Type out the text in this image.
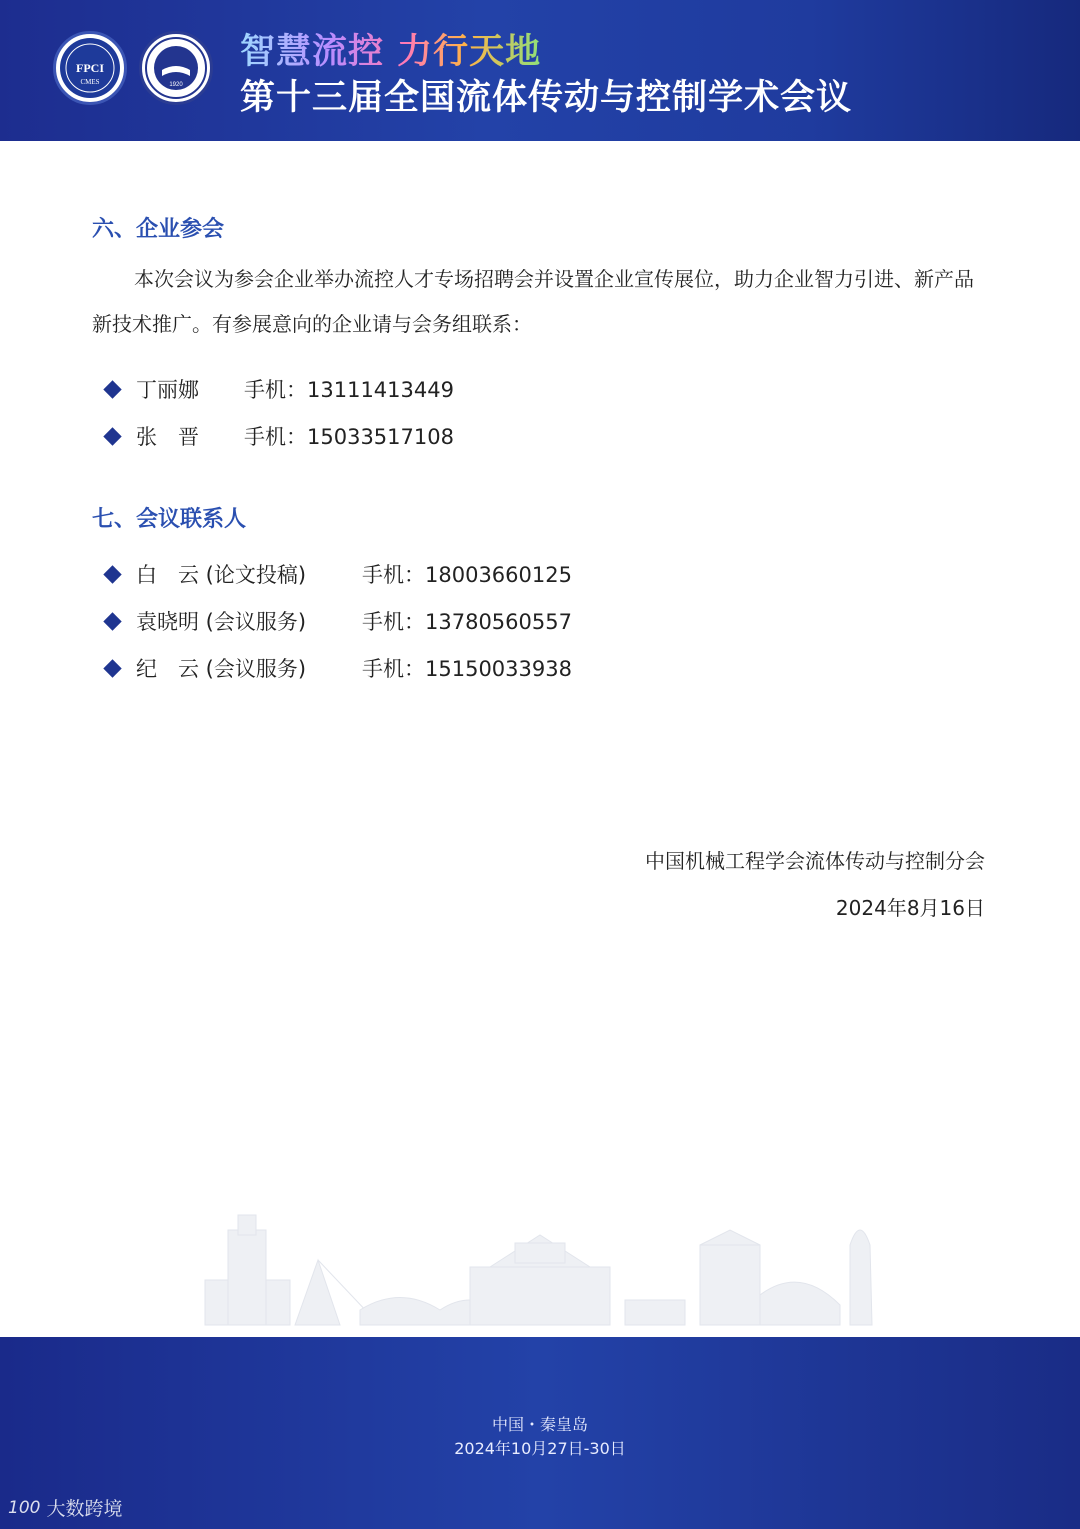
FPCI
CMES	1920
智慧流控 力行天地
第十三届全国流体传动与控制学术会议
六、企业参会
本次会议为参会企业举办流控人才专场招聘会并设置企业宣传展位，助力企业智力引进、新产品新技术推广。有参展意向的企业请与会务组联系：
丁丽娜	手机：13111413449
张　晋	手机：15033517108
七、会议联系人
白　云 (论文投稿)	手机：18003660125
袁晓明 (会议服务)	手机：13780560557
纪　云 (会议服务)	手机：15150033938
中国机械工程学会流体传动与控制分会
2024年8月16日
中国・秦皇岛
2024年10月27日-30日
100 大数跨境
